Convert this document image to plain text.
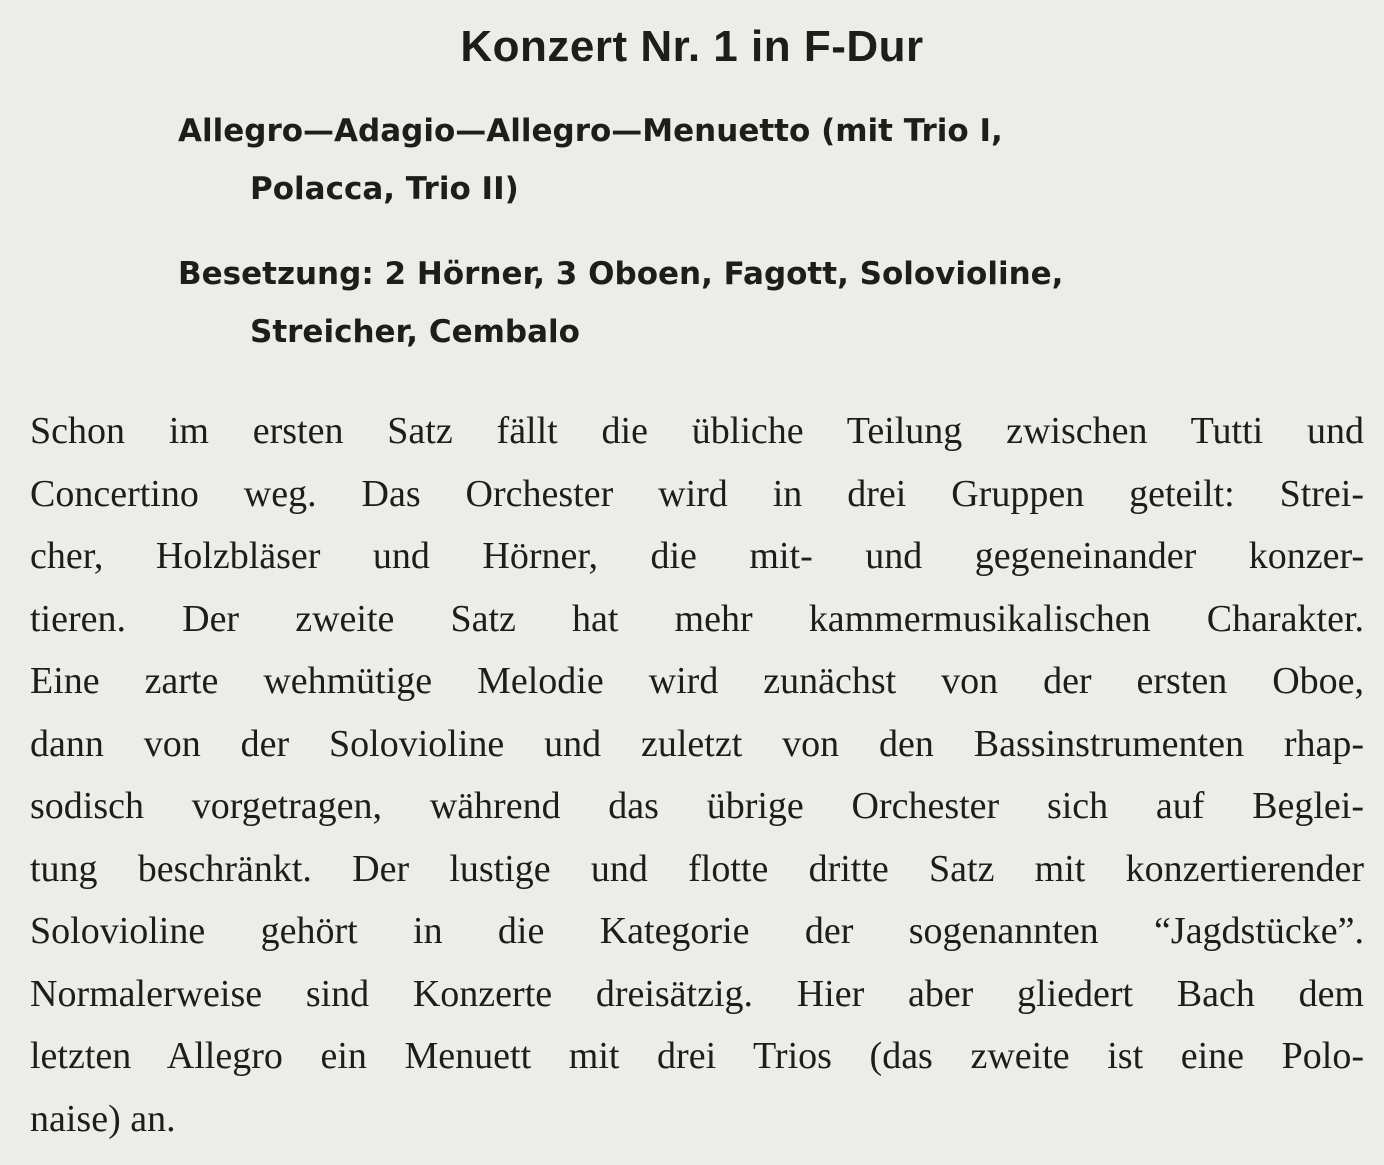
Konzert Nr. 1 in F-Dur
Allegro—Adagio—Allegro—Menuetto (mit Trio I,
Polacca, Trio II)
Besetzung: 2 Hörner, 3 Oboen, Fagott, Solovioline,
Streicher, Cembalo
Schon im ersten Satz fällt die übliche Teilung zwischen Tutti und
Concertino weg. Das Orchester wird in drei Gruppen geteilt: Strei-
cher, Holzbläser und Hörner, die mit- und gegeneinander konzer-
tieren. Der zweite Satz hat mehr kammermusikalischen Charakter.
Eine zarte wehmütige Melodie wird zunächst von der ersten Oboe,
dann von der Solovioline und zuletzt von den Bassinstrumenten rhap-
sodisch vorgetragen, während das übrige Orchester sich auf Beglei-
tung beschränkt. Der lustige und flotte dritte Satz mit konzertierender
Solovioline gehört in die Kategorie der sogenannten “Jagdstücke”.
Normalerweise sind Konzerte dreisätzig. Hier aber gliedert Bach dem
letzten Allegro ein Menuett mit drei Trios (das zweite ist eine Polo-
naise) an.
